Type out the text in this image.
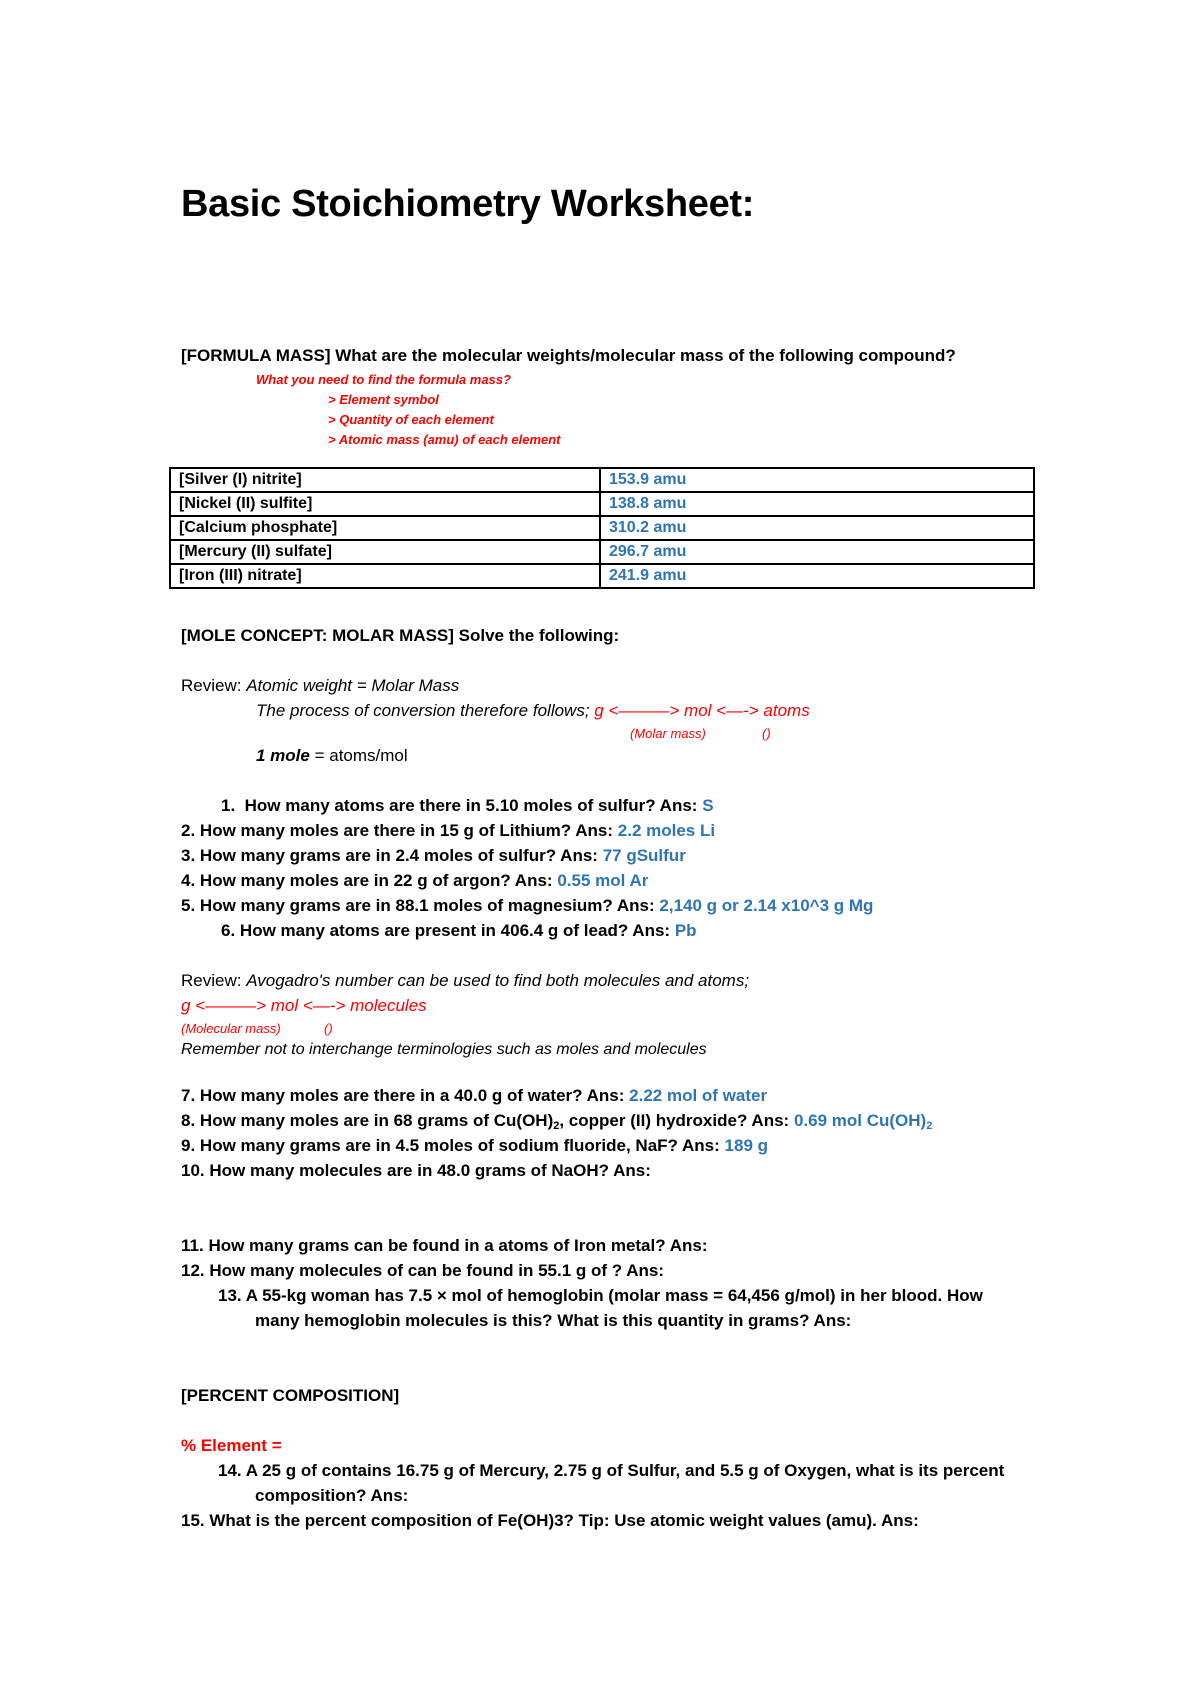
Basic Stoichiometry Worksheet:
[FORMULA MASS] What are the molecular weights/molecular mass of the following compound?
What you need to find the formula mass?
> Element symbol
> Quantity of each element
> Atomic mass (amu) of each element
[Silver (I) nitrite]	153.9 amu
[Nickel (II) sulfite]	138.8 amu
[Calcium phosphate]	310.2 amu
[Mercury (II) sulfate]	296.7 amu
[Iron (III) nitrate]	241.9 amu
[MOLE CONCEPT: MOLAR MASS] Solve the following:
Review: Atomic weight = Molar Mass
The process of conversion therefore follows; g <———> mol <—-> atoms
(Molar mass)	()
1 mole = atoms/mol
1. How many atoms are there in 5.10 moles of sulfur? Ans: S
2. How many moles are there in 15 g of Lithium? Ans: 2.2 moles Li
3. How many grams are in 2.4 moles of sulfur? Ans: 77 gSulfur
4. How many moles are in 22 g of argon? Ans: 0.55 mol Ar
5. How many grams are in 88.1 moles of magnesium? Ans: 2,140 g or 2.14 x10^3 g Mg
6. How many atoms are present in 406.4 g of lead? Ans: Pb
Review: Avogadro's number can be used to find both molecules and atoms;
g <———> mol <—-> molecules
(Molecular mass)	()
Remember not to interchange terminologies such as moles and molecules
7. How many moles are there in a 40.0 g of water? Ans: 2.22 mol of water
8. How many moles are in 68 grams of $Cu(OH)_2$, copper (II) hydroxide? Ans: 0.69 mol $Cu(OH)_2$
9. How many grams are in 4.5 moles of sodium fluoride, NaF? Ans: 189 g
10. How many molecules are in 48.0 grams of NaOH? Ans:
11. How many grams can be found in a atoms of Iron metal? Ans:
12. How many molecules of can be found in 55.1 g of ? Ans:
13. A 55-kg woman has 7.5 × mol of hemoglobin (molar mass = 64,456 g/mol) in her blood. How
many hemoglobin molecules is this? What is this quantity in grams? Ans:
[PERCENT COMPOSITION]
% Element =
14. A 25 g of contains 16.75 g of Mercury, 2.75 g of Sulfur, and 5.5 g of Oxygen, what is its percent
composition? Ans:
15. What is the percent composition of Fe(OH)3? Tip: Use atomic weight values (amu). Ans:
